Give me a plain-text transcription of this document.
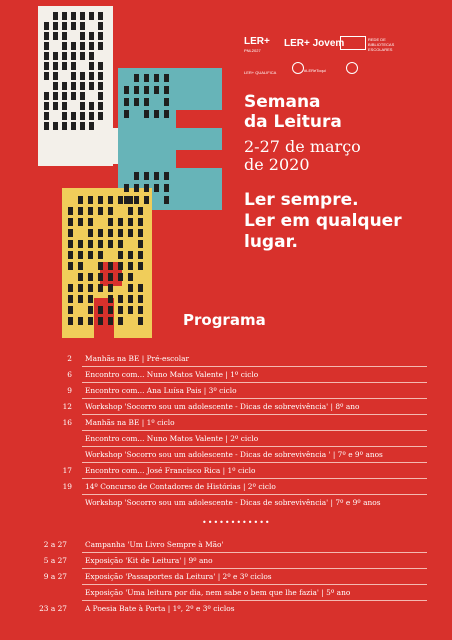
LER+
PNL2027
LER+ Jovem	REDE DE BIBLIOTECAS ESCOLARES
LER+ QUALIFICA	#LERéToqui
Semana
da Leitura
2-27 de março
de 2020
Ler sempre.
Ler em qualquer
lugar.
Programa
2 Manhãs na BE | Pré-escolar
6 Encontro com... Nuno Matos Valente | 1º ciclo
9 Encontro com... Ana Luísa Pais | 3º ciclo
12 Workshop 'Socorro sou um adolescente - Dicas de sobrevivência' | 8º ano
16 Manhãs na BE | 1º ciclo
Encontro com... Nuno Matos Valente | 2º ciclo
Workshop 'Socorro sou um adolescente - Dicas de sobrevivência ' | 7º e 9º anos
17 Encontro com... José Francisco Rica | 1º ciclo
19 14º Concurso de Contadores de Histórias | 2º ciclo
Workshop 'Socorro sou um adolescente - Dicas de sobrevivência' | 7º e 9º anos
••••••••••••
2 a 27 Campanha 'Um Livro Sempre à Mão'
5 a 27 Exposição 'Kit de Leitura' | 9º ano
9 a 27 Exposição 'Passaportes da Leitura' | 2º e 3º ciclos
Exposição 'Uma leitura por dia, nem sabe o bem que lhe fazia' | 5º ano
23 a 27 A Poesia Bate à Porta | 1º, 2º e 3º ciclos
